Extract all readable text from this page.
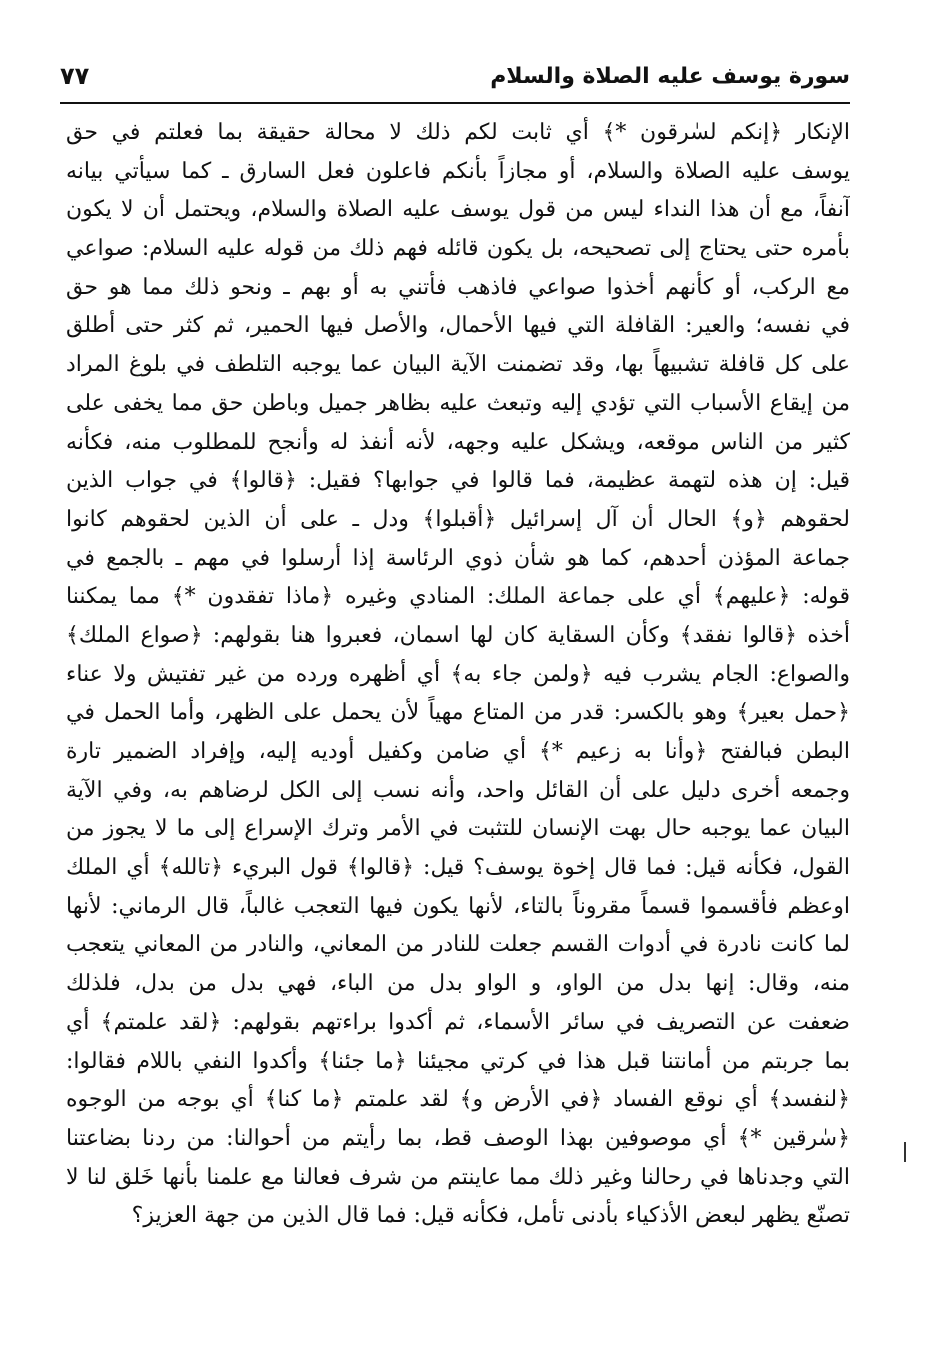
سورة يوسف عليه الصلاة والسلام
٧٧
الإنكار ﴿إنكم لسٰرقون *﴾ أي ثابت لكم ذلك لا محالة حقيقة بما فعلتم في حق
يوسف عليه الصلاة والسلام، أو مجازاً بأنكم فاعلون فعل السارق ـ كما سيأتي بيانه
آنفاً، مع أن هذا النداء ليس من قول يوسف عليه الصلاة والسلام، ويحتمل أن لا يكون
بأمره حتى يحتاج إلى تصحيحه، بل يكون قائله فهم ذلك من قوله عليه السلام: صواعي
مع الركب، أو كأنهم أخذوا صواعي فاذهب فأتني به أو بهم ـ ونحو ذلك مما هو حق
في نفسه؛ والعير: القافلة التي فيها الأحمال، والأصل فيها الحمير، ثم كثر حتى أطلق
على كل قافلة تشبيهاً بها، وقد تضمنت الآية البيان عما يوجبه التلطف في بلوغ المراد
من إيقاع الأسباب التي تؤدي إليه وتبعث عليه بظاهر جميل وباطن حق مما يخفى على
كثير من الناس موقعه، ويشكل عليه وجهه، لأنه أنفذ له وأنجح للمطلوب منه، فكأنه
قيل: إن هذه لتهمة عظيمة، فما قالوا في جوابها؟ فقيل: ﴿قالوا﴾ في جواب الذين
لحقوهم ﴿و﴾ الحال أن آل إسرائيل ﴿أقبلوا﴾ ودل ـ على أن الذين لحقوهم كانوا
جماعة المؤذن أحدهم، كما هو شأن ذوي الرئاسة إذا أرسلوا في مهم ـ بالجمع في
قوله: ﴿عليهم﴾ أي على جماعة الملك: المنادي وغيره ﴿ماذا تفقدون *﴾ مما يمكننا
أخذه ﴿قالوا نفقد﴾ وكأن السقاية كان لها اسمان، فعبروا هنا بقولهم: ﴿صواع الملك﴾
والصواع: الجام يشرب فيه ﴿ولمن جاء به﴾ أي أظهره ورده من غير تفتيش ولا عناء
﴿حمل بعير﴾ وهو بالكسر: قدر من المتاع مهياً لأن يحمل على الظهر، وأما الحمل في
البطن فبالفتح ﴿وأنا به زعيم *﴾ أي ضامن وكفيل أوديه إليه، وإفراد الضمير تارة
وجمعه أخرى دليل على أن القائل واحد، وأنه نسب إلى الكل لرضاهم به، وفي الآية
البيان عما يوجبه حال بهت الإنسان للتثبت في الأمر وترك الإسراع إلى ما لا يجوز من
القول، فكأنه قيل: فما قال إخوة يوسف؟ قيل: ﴿قالوا﴾ قول البريء ﴿تالله﴾ أي الملك
اوعظم فأقسموا قسماً مقروناً بالتاء، لأنها يكون فيها التعجب غالباً، قال الرماني: لأنها
لما كانت نادرة في أدوات القسم جعلت للنادر من المعاني، والنادر من المعاني يتعجب
منه، وقال: إنها بدل من الواو، و الواو بدل من الباء، فهي بدل من بدل، فلذلك
ضعفت عن التصريف في سائر الأسماء، ثم أكدوا براءتهم بقولهم: ﴿لقد علمتم﴾ أي
بما جربتم من أمانتنا قبل هذا في كرتي مجيئنا ﴿ما جئنا﴾ وأكدوا النفي باللام فقالوا:
﴿لنفسد﴾ أي نوقع الفساد ﴿في الأرض و﴾ لقد علمتم ﴿ما كنا﴾ أي بوجه من الوجوه
﴿سٰرقين *﴾ أي موصوفين بهذا الوصف قط، بما رأيتم من أحوالنا: من ردنا بضاعتنا
التي وجدناها في رحالنا وغير ذلك مما عاينتم من شرف فعالنا مع علمنا بأنها خَلق لنا لا
تصنّع يظهر لبعض الأذكياء بأدنى تأمل، فكأنه قيل: فما قال الذين من جهة العزيز؟
